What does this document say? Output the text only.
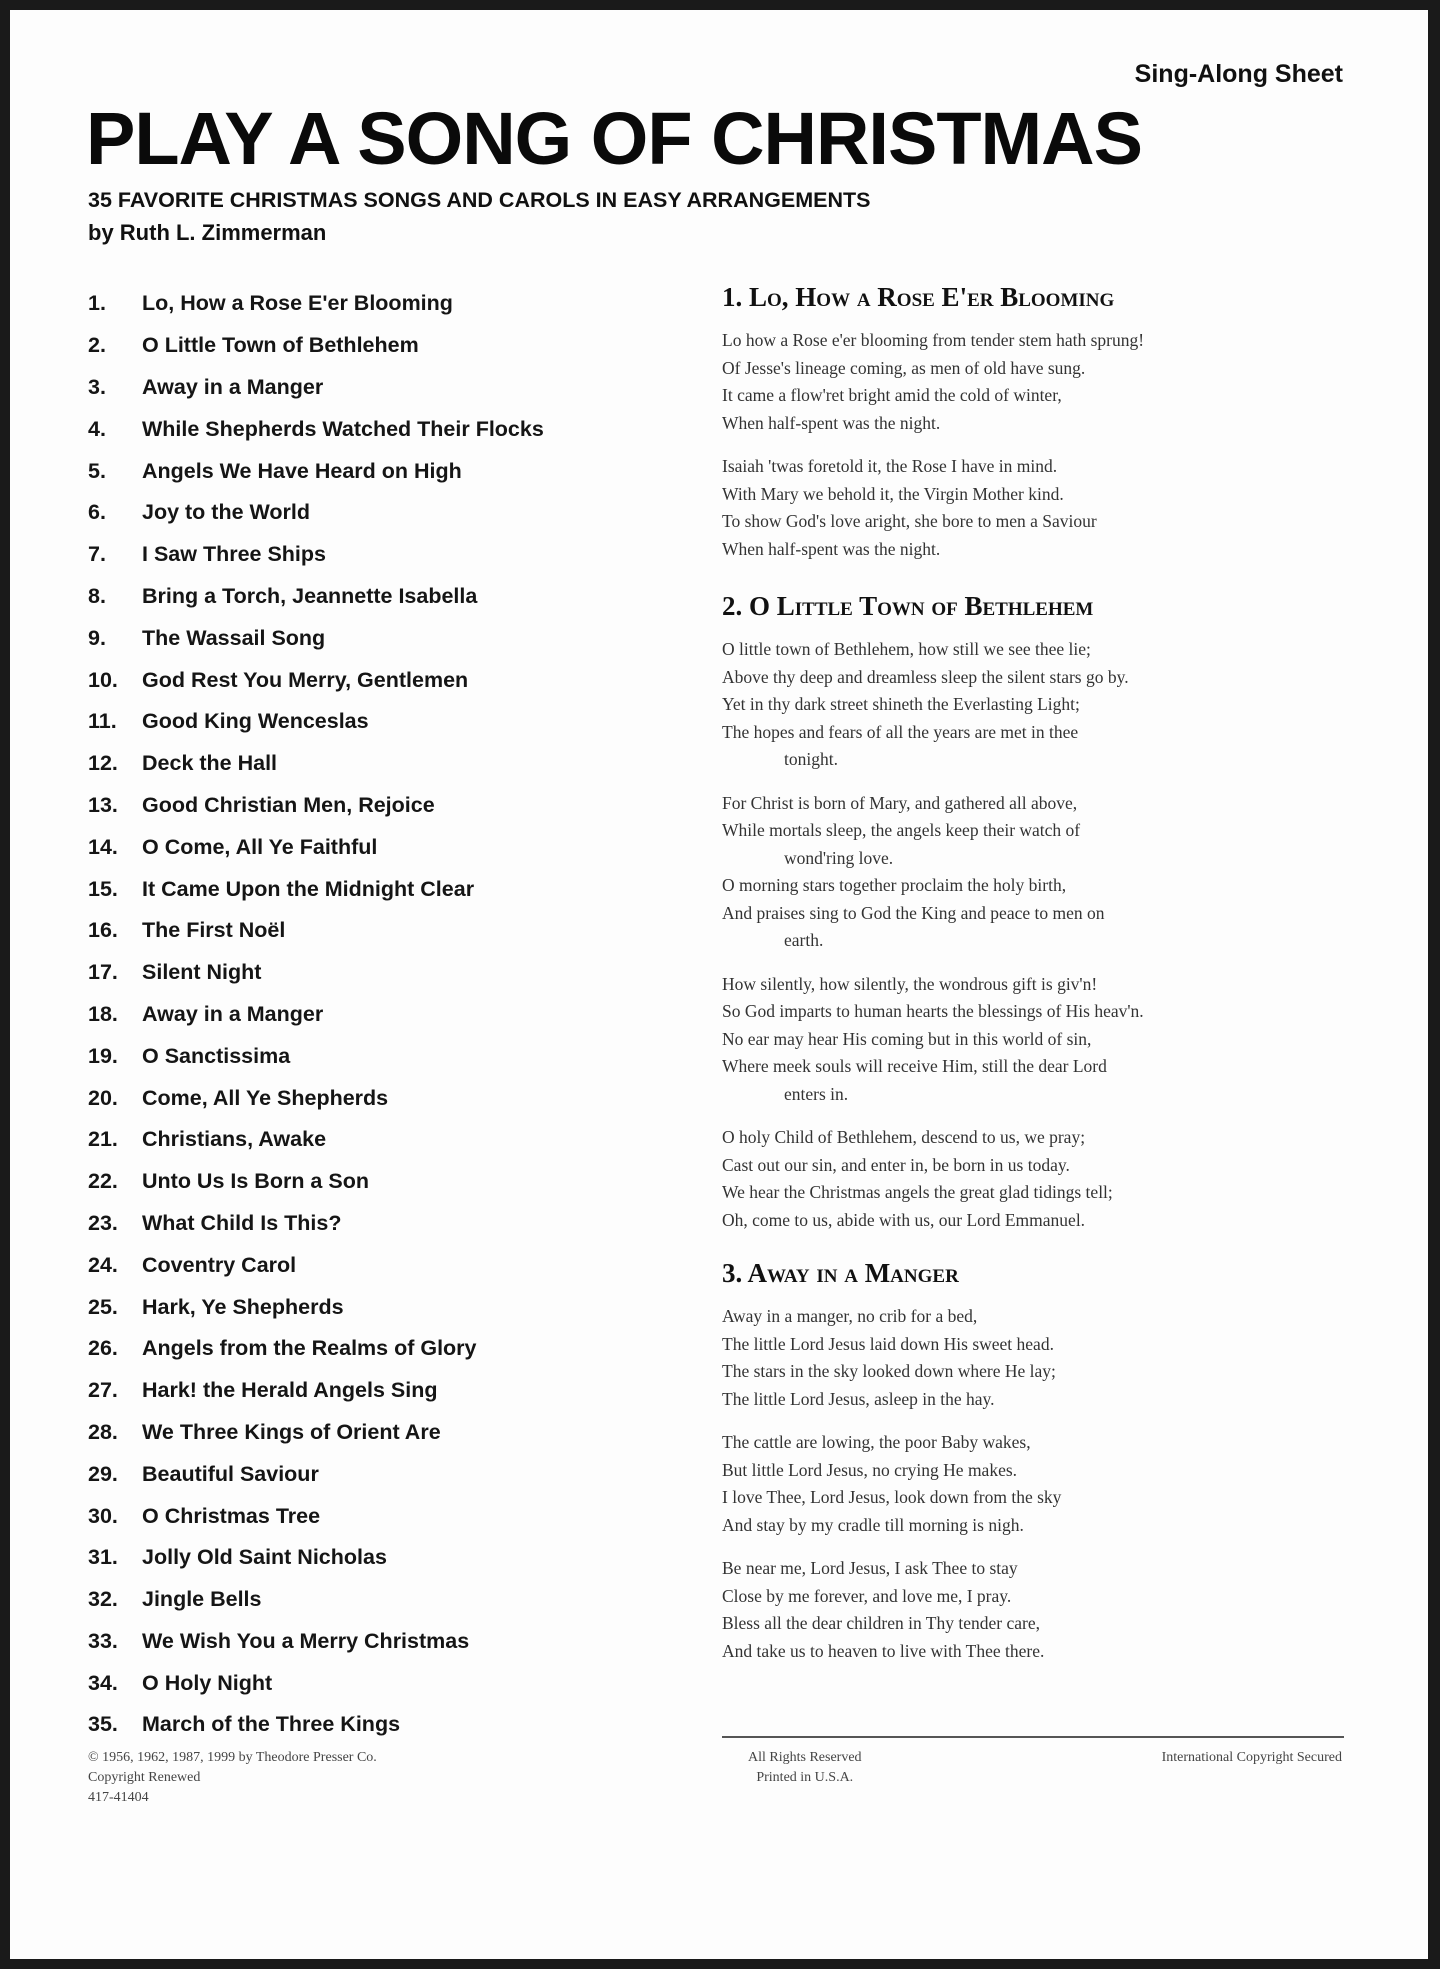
Sing-Along Sheet
PLAY A SONG OF CHRISTMAS
35 FAVORITE CHRISTMAS SONGS AND CAROLS IN EASY ARRANGEMENTS
by Ruth L. Zimmerman
1.	Lo, How a Rose E'er Blooming
2.	O Little Town of Bethlehem
3.	Away in a Manger
4.	While Shepherds Watched Their Flocks
5.	Angels We Have Heard on High
6.	Joy to the World
7.	I Saw Three Ships
8.	Bring a Torch, Jeannette Isabella
9.	The Wassail Song
10.	God Rest You Merry, Gentlemen
11.	Good King Wenceslas
12.	Deck the Hall
13.	Good Christian Men, Rejoice
14.	O Come, All Ye Faithful
15.	It Came Upon the Midnight Clear
16.	The First Noël
17.	Silent Night
18.	Away in a Manger
19.	O Sanctissima
20.	Come, All Ye Shepherds
21.	Christians, Awake
22.	Unto Us Is Born a Son
23.	What Child Is This?
24.	Coventry Carol
25.	Hark, Ye Shepherds
26.	Angels from the Realms of Glory
27.	Hark! the Herald Angels Sing
28.	We Three Kings of Orient Are
29.	Beautiful Saviour
30.	O Christmas Tree
31.	Jolly Old Saint Nicholas
32.	Jingle Bells
33.	We Wish You a Merry Christmas
34.	O Holy Night
35.	March of the Three Kings
1. Lo, How a Rose E'er Blooming
Lo how a Rose e'er blooming from tender stem hath sprung!
Of Jesse's lineage coming, as men of old have sung.
It came a flow'ret bright amid the cold of winter,
When half-spent was the night.
Isaiah 'twas foretold it, the Rose I have in mind.
With Mary we behold it, the Virgin Mother kind.
To show God's love aright, she bore to men a Saviour
When half-spent was the night.
2. O Little Town of Bethlehem
O little town of Bethlehem, how still we see thee lie;
Above thy deep and dreamless sleep the silent stars go by.
Yet in thy dark street shineth the Everlasting Light;
The hopes and fears of all the years are met in thee
tonight.
For Christ is born of Mary, and gathered all above,
While mortals sleep, the angels keep their watch of
wond'ring love.
O morning stars together proclaim the holy birth,
And praises sing to God the King and peace to men on
earth.
How silently, how silently, the wondrous gift is giv'n!
So God imparts to human hearts the blessings of His heav'n.
No ear may hear His coming but in this world of sin,
Where meek souls will receive Him, still the dear Lord
enters in.
O holy Child of Bethlehem, descend to us, we pray;
Cast out our sin, and enter in, be born in us today.
We hear the Christmas angels the great glad tidings tell;
Oh, come to us, abide with us, our Lord Emmanuel.
3. Away in a Manger
Away in a manger, no crib for a bed,
The little Lord Jesus laid down His sweet head.
The stars in the sky looked down where He lay;
The little Lord Jesus, asleep in the hay.
The cattle are lowing, the poor Baby wakes,
But little Lord Jesus, no crying He makes.
I love Thee, Lord Jesus, look down from the sky
And stay by my cradle till morning is nigh.
Be near me, Lord Jesus, I ask Thee to stay
Close by me forever, and love me, I pray.
Bless all the dear children in Thy tender care,
And take us to heaven to live with Thee there.
© 1956, 1962, 1987, 1999 by Theodore Presser Co.
Copyright Renewed
417-41404
All Rights Reserved
Printed in U.S.A.
International Copyright Secured
